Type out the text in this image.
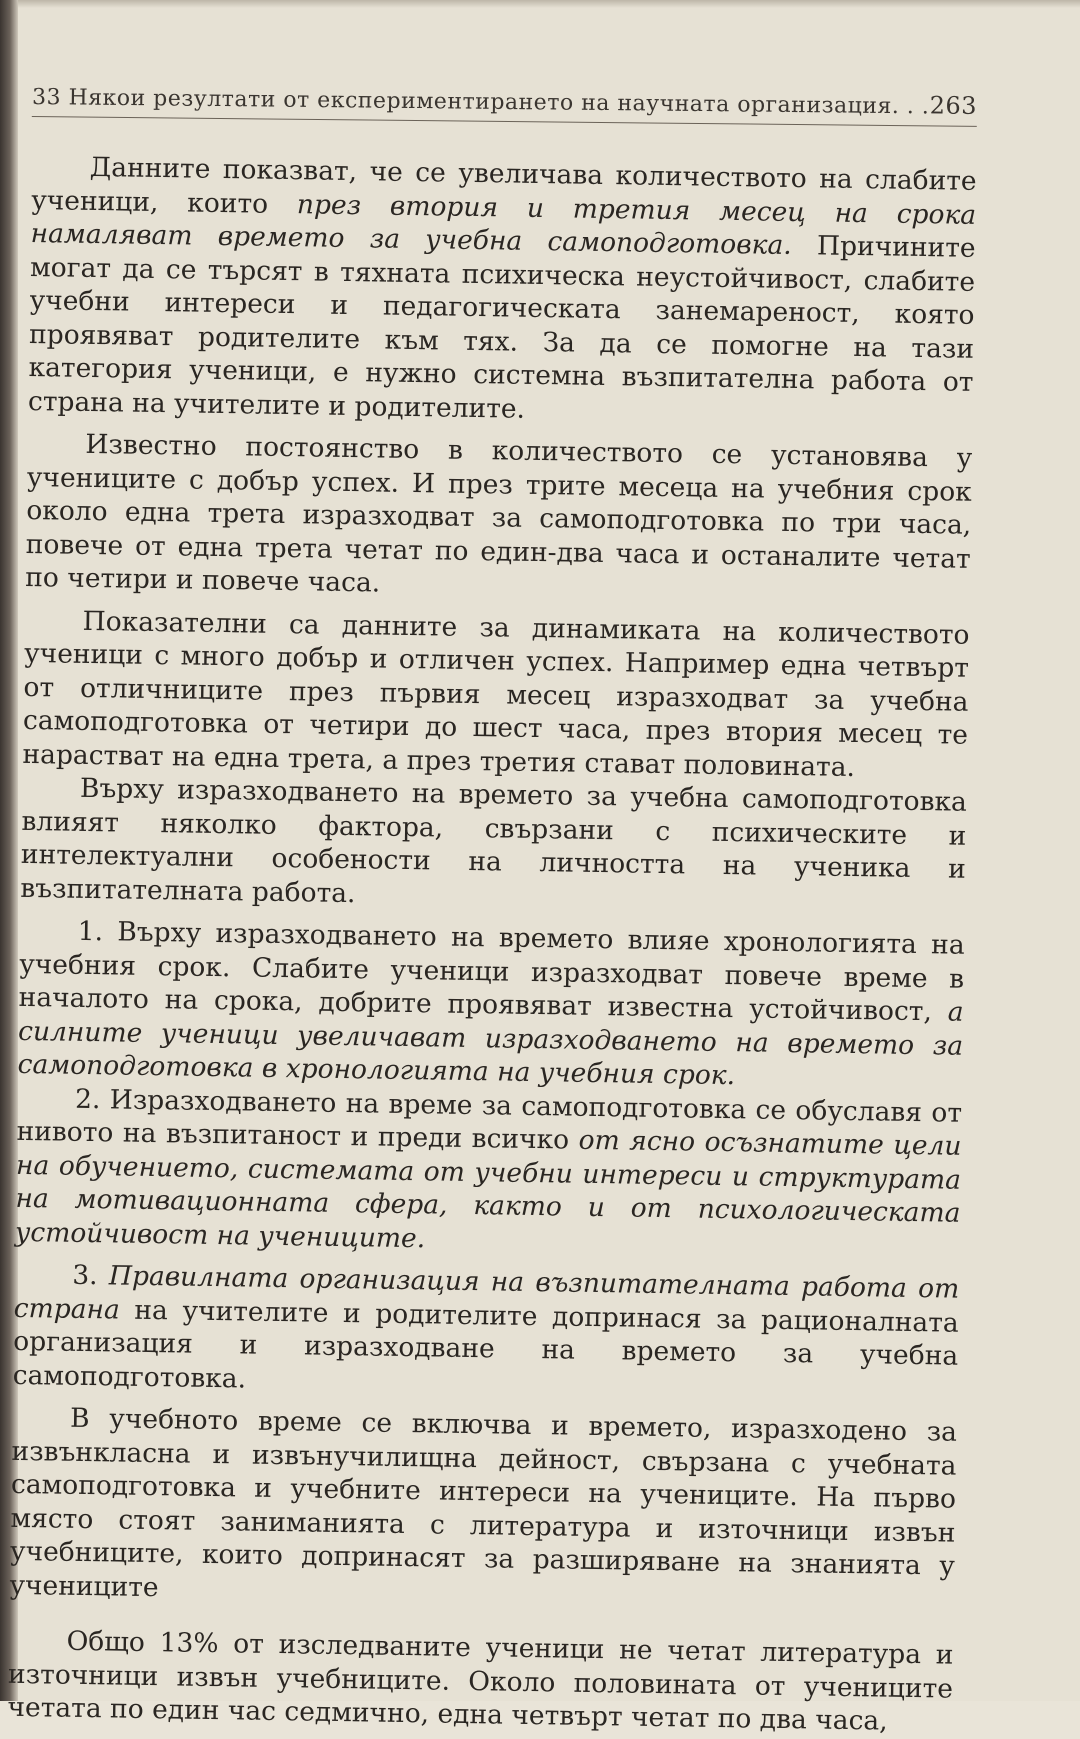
33 Някои резултати от експериментирането на научната организация. . . 263

Данните показват, че се увеличава количеството на слабите ученици, които през втория и третия месец на срока намаляват времето за учебна самоподготовка. Причините могат да се търсят в тяхната психическа неустойчивост, слабите учебни интереси и педагогическата занемареност, която проявяват родителите към тях. За да се помогне на тази категория ученици, е нужно системна възпитателна работа от страна на учителите и родителите.

Известно постоянство в количеството се установява у учениците с добър успех. И през трите месеца на учебния срок около една трета изразходват за самоподготовка по три часа, повече от една трета четат по един-два часа и останалите четат по четири и повече часа.

Показателни са данните за динамиката на количеството ученици с много добър и отличен успех. Например една четвърт от отличниците през първия месец изразходват за учебна самоподготовка от четири до шест часа, през втория месец те нарастват на една трета, а през третия стават половината.

Върху изразходването на времето за учебна самоподготовка влияят няколко фактора, свързани с психическите и интелектуални особености на личността на ученика и възпитателната работа.

1. Върху изразходването на времето влияе хронологията на учебния срок. Слабите ученици изразходват повече време в началото на срока, добрите проявяват известна устойчивост, а силните ученици увеличават изразходването на времето за самоподготовка в хронологията на учебния срок.

2. Изразходването на време за самоподготовка се обуславя от нивото на възпитаност и преди всичко от ясно осъзнатите цели на обучението, системата от учебни интереси и структурата на мотивационната сфера, както и от психологическата устойчивост на учениците.

3. Правилната организация на възпитателната работа от страна на учителите и родителите допринася за рационалната организация и изразходване на времето за учебна самоподготовка.

В учебното време се включва и времето, изразходено за извънкласна и извънучилищна дейност, свързана с учебната самоподготовка и учебните интереси на учениците. На първо място стоят заниманията с литература и източници извън учебниците, които допринасят за разширяване на знанията у учениците

Общо 13% от изследваните ученици не четат литература и източници извън учебниците. Около половината от учениците четата по един час седмично, една четвърт четат по два часа,
